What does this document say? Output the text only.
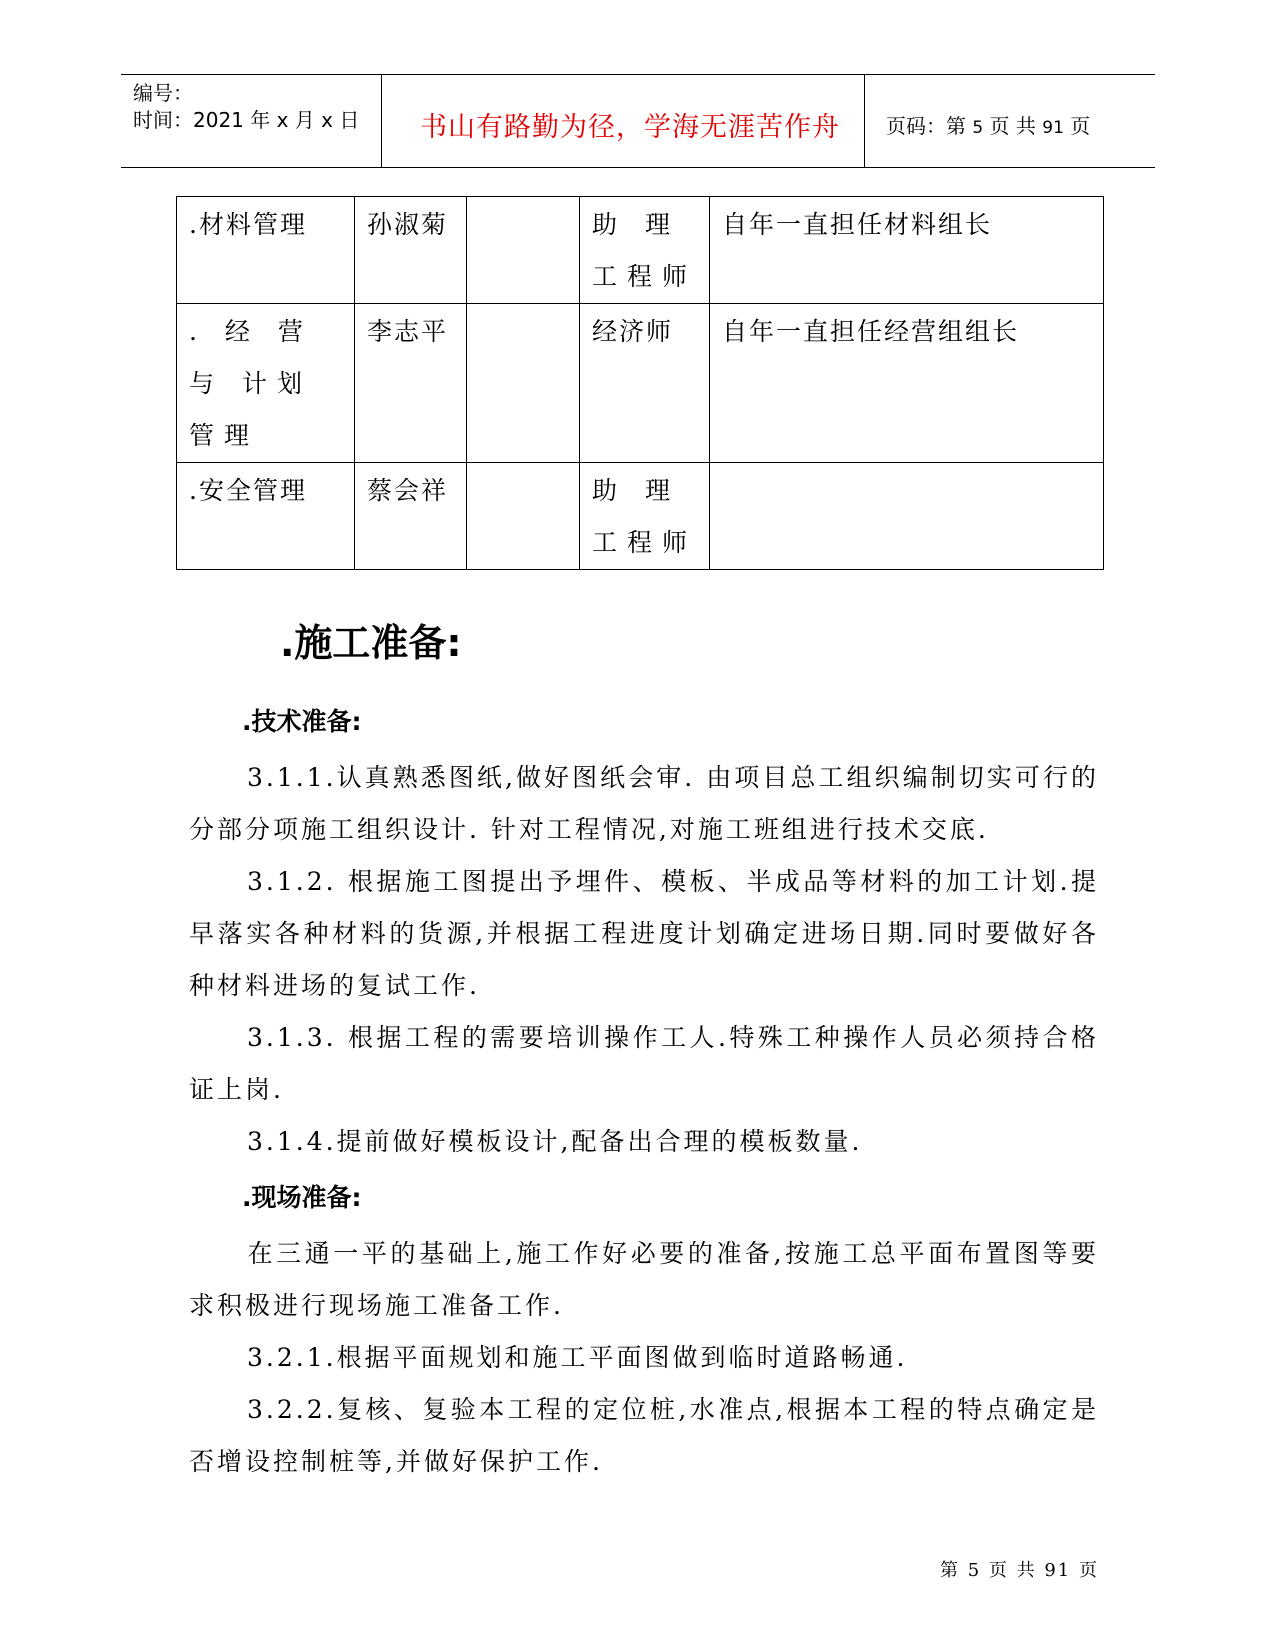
编号：
时间：2021 年 x 月 x 日	书山有路勤为径，学海无涯苦作舟	页码：第 5 页 共 91 页
.材料管理	孙淑菊		助 理 工程师	自年一直担任材料组长
. 经 营 与 计划管理	李志平		经济师	自年一直担任经营组组长
.安全管理	蔡会祥		助 理 工程师	
.施工准备:
.技术准备:
3.1.1.认真熟悉图纸,做好图纸会审. 由项目总工组织编制切实可行的分部分项施工组织设计. 针对工程情况,对施工班组进行技术交底.
3.1.2. 根据施工图提出予埋件、模板、半成品等材料的加工计划.提早落实各种材料的货源,并根据工程进度计划确定进场日期.同时要做好各种材料进场的复试工作.
3.1.3. 根据工程的需要培训操作工人.特殊工种操作人员必须持合格证上岗.
3.1.4.提前做好模板设计,配备出合理的模板数量.
.现场准备:
在三通一平的基础上,施工作好必要的准备,按施工总平面布置图等要求积极进行现场施工准备工作.
3.2.1.根据平面规划和施工平面图做到临时道路畅通.
3.2.2.复核、复验本工程的定位桩,水准点,根据本工程的特点确定是否增设控制桩等,并做好保护工作.
第 5 页 共 91 页
